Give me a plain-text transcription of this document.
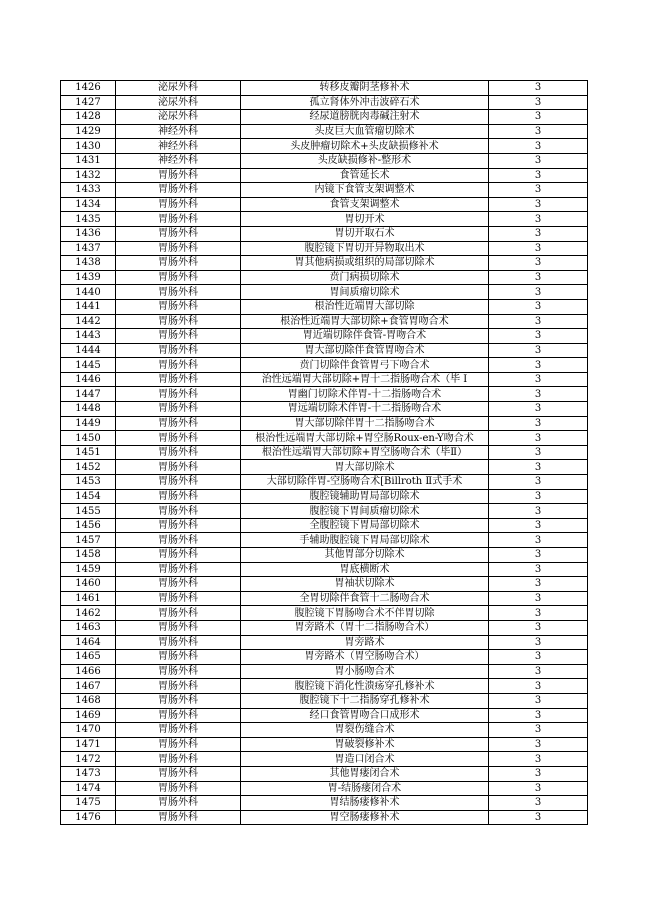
1426	泌尿外科	转移皮瓣阴茎修补术	3
1427	泌尿外科	孤立肾体外冲击波碎石术	3
1428	泌尿外科	经尿道膀胱肉毒碱注射术	3
1429	神经外科	头皮巨大血管瘤切除术	3
1430	神经外科	头皮肿瘤切除术+头皮缺损修补术	3
1431	神经外科	头皮缺损修补-整形术	3
1432	胃肠外科	食管延长术	3
1433	胃肠外科	内镜下食管支架调整术	3
1434	胃肠外科	食管支架调整术	3
1435	胃肠外科	胃切开术	3
1436	胃肠外科	胃切开取石术	3
1437	胃肠外科	腹腔镜下胃切开异物取出术	3
1438	胃肠外科	胃其他病损或组织的局部切除术	3
1439	胃肠外科	贲门病损切除术	3
1440	胃肠外科	胃间质瘤切除术	3
1441	胃肠外科	根治性近端胃大部切除	3
1442	胃肠外科	根治性近端胃大部切除+食管胃吻合术	3
1443	胃肠外科	胃近端切除伴食管-胃吻合术	3
1444	胃肠外科	胃大部切除伴食管胃吻合术	3
1445	胃肠外科	贲门切除伴食管胃弓下吻合术	3
1446	胃肠外科	治性远端胃大部切除+胃十二指肠吻合术（毕 I	3
1447	胃肠外科	胃幽门切除术伴胃-十二指肠吻合术	3
1448	胃肠外科	胃远端切除术伴胃-十二指肠吻合术	3
1449	胃肠外科	胃大部切除伴胃十二指肠吻合术	3
1450	胃肠外科	根治性远端胃大部切除+胃空肠Roux-en-Y吻合术	3
1451	胃肠外科	根治性远端胃大部切除+胃空肠吻合术（毕Ⅱ）	3
1452	胃肠外科	胃大部切除术	3
1453	胃肠外科	大部切除伴胃-空肠吻合术[Billroth Ⅱ式手术	3
1454	胃肠外科	腹腔镜辅助胃局部切除术	3
1455	胃肠外科	腹腔镜下胃间质瘤切除术	3
1456	胃肠外科	全腹腔镜下胃局部切除术	3
1457	胃肠外科	手辅助腹腔镜下胃局部切除术	3
1458	胃肠外科	其他胃部分切除术	3
1459	胃肠外科	胃底横断术	3
1460	胃肠外科	胃袖状切除术	3
1461	胃肠外科	全胃切除伴食管十二肠吻合术	3
1462	胃肠外科	腹腔镜下胃肠吻合术不伴胃切除	3
1463	胃肠外科	胃旁路术（胃十二指肠吻合术）	3
1464	胃肠外科	胃旁路术	3
1465	胃肠外科	胃旁路术（胃空肠吻合术）	3
1466	胃肠外科	胃小肠吻合术	3
1467	胃肠外科	腹腔镜下消化性溃疡穿孔修补术	3
1468	胃肠外科	腹腔镜下十二指肠穿孔修补术	3
1469	胃肠外科	经口食管胃吻合口成形术	3
1470	胃肠外科	胃裂伤缝合术	3
1471	胃肠外科	胃破裂修补术	3
1472	胃肠外科	胃造口闭合术	3
1473	胃肠外科	其他胃瘘闭合术	3
1474	胃肠外科	胃-结肠瘘闭合术	3
1475	胃肠外科	胃结肠瘘修补术	3
1476	胃肠外科	胃空肠瘘修补术	3
